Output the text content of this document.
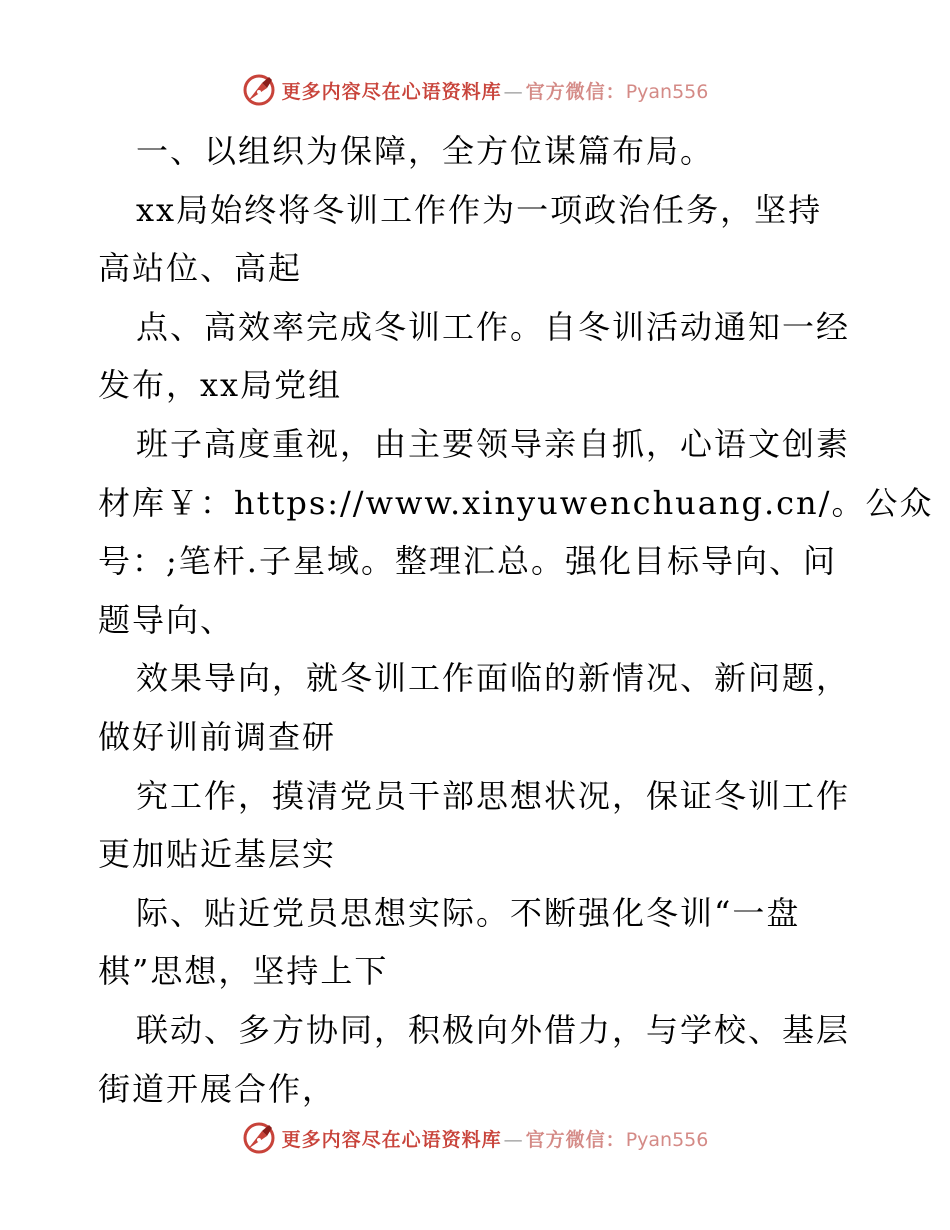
更多内容尽在心语资料库 — 官方微信：Pyan556
一、以组织为保障，全方位谋篇布局。
xx局始终将冬训工作作为一项政治任务，坚持
高站位、高起
点、高效率完成冬训工作。自冬训活动通知一经
发布，xx局党组
班子高度重视，由主要领导亲自抓，心语文创素
材库￥：https://www.xinyuwenchuang.cn/。公众
号：;笔杆.子星域。整理汇总。强化目标导向、问
题导向、
效果导向，就冬训工作面临的新情况、新问题，
做好训前调查研
究工作，摸清党员干部思想状况，保证冬训工作
更加贴近基层实
际、贴近党员思想实际。不断强化冬训“一盘
棋”思想，坚持上下
联动、多方协同，积极向外借力，与学校、基层
街道开展合作，
更多内容尽在心语资料库 — 官方微信：Pyan556
